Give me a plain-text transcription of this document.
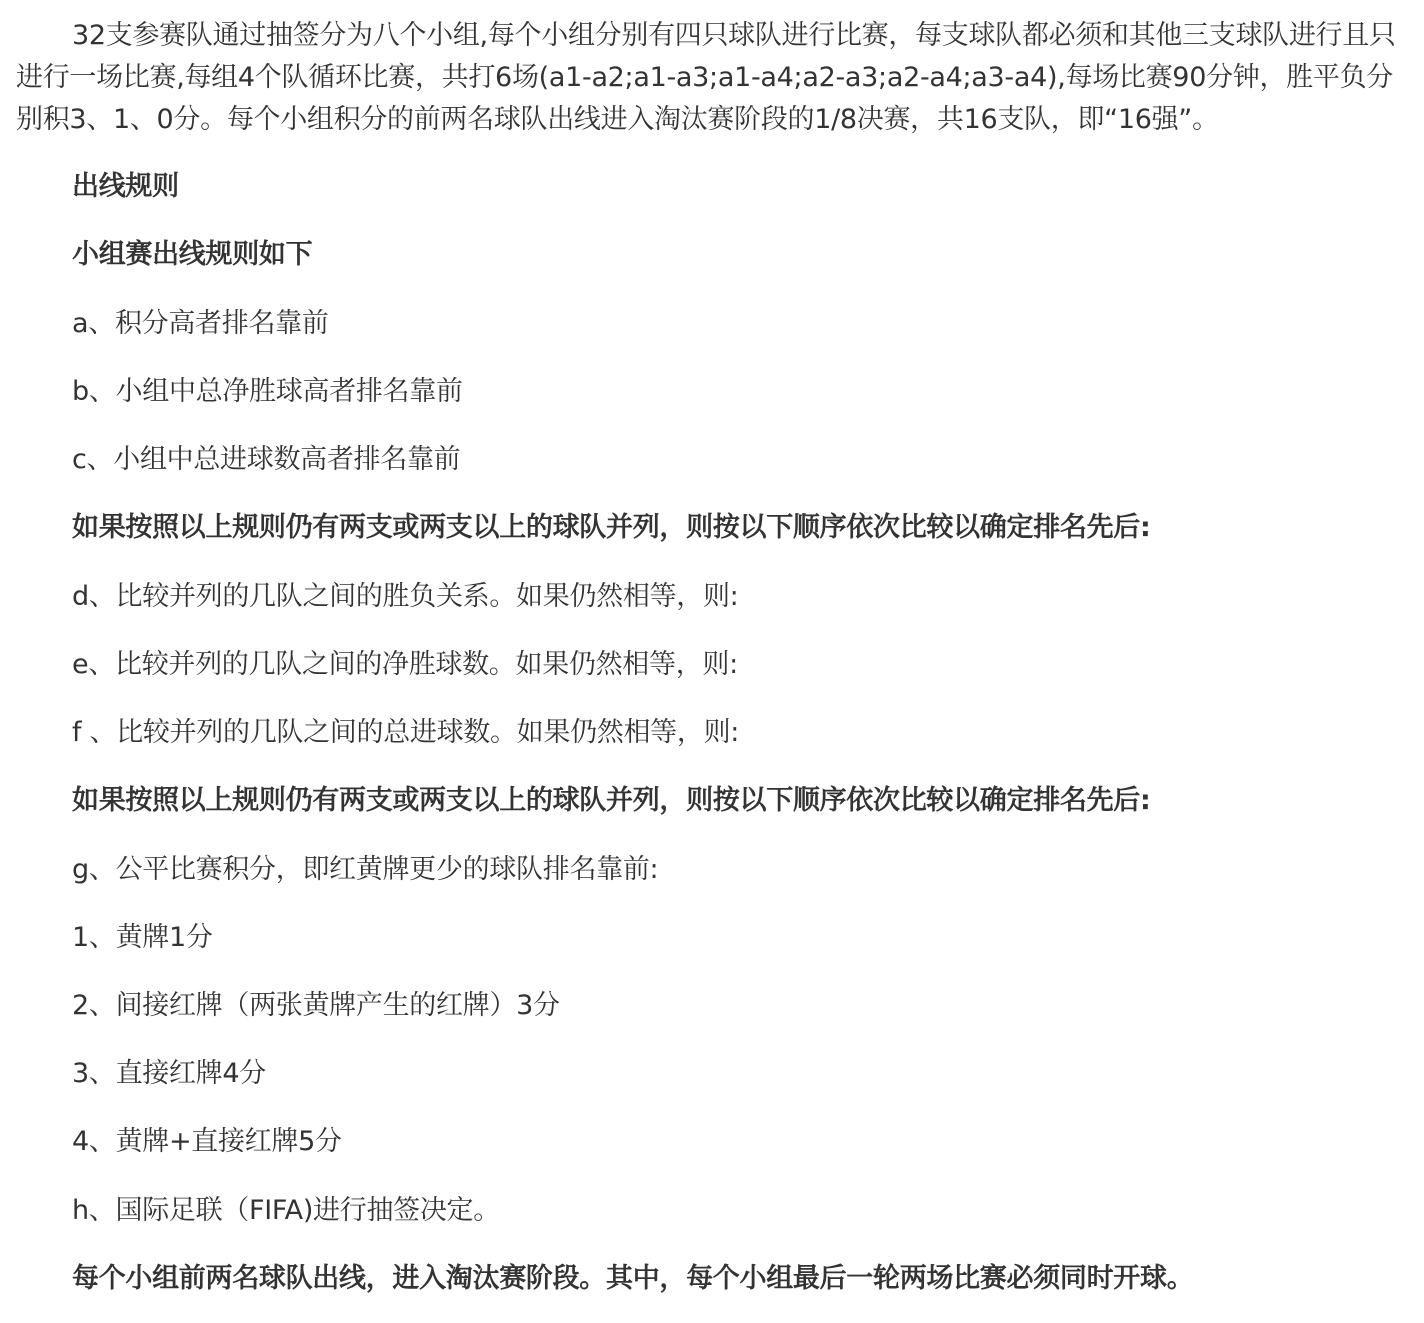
32支参赛队通过抽签分为八个小组,每个小组分别有四只球队进行比赛，每支球队都必须和其他三支球队进行且只进行一场比赛,每组4个队循环比赛，共打6场(a1-a2;a1-a3;a1-a4;a2-a3;a2-a4;a3-a4),每场比赛90分钟，胜平负分别积3、1、0分。每个小组积分的前两名球队出线进入淘汰赛阶段的1/8决赛，共16支队，即“16强”。

出线规则

小组赛出线规则如下

a、积分高者排名靠前

b、小组中总净胜球高者排名靠前

c、小组中总进球数高者排名靠前

如果按照以上规则仍有两支或两支以上的球队并列，则按以下顺序依次比较以确定排名先后:

d、比较并列的几队之间的胜负关系。如果仍然相等，则:

e、比较并列的几队之间的净胜球数。如果仍然相等，则:

f 、比较并列的几队之间的总进球数。如果仍然相等，则:

如果按照以上规则仍有两支或两支以上的球队并列，则按以下顺序依次比较以确定排名先后:

g、公平比赛积分，即红黄牌更少的球队排名靠前:

1、黄牌1分

2、间接红牌（两张黄牌产生的红牌）3分

3、直接红牌4分

4、黄牌+直接红牌5分

h、国际足联（FIFA)进行抽签决定。

每个小组前两名球队出线，进入淘汰赛阶段。其中，每个小组最后一轮两场比赛必须同时开球。
